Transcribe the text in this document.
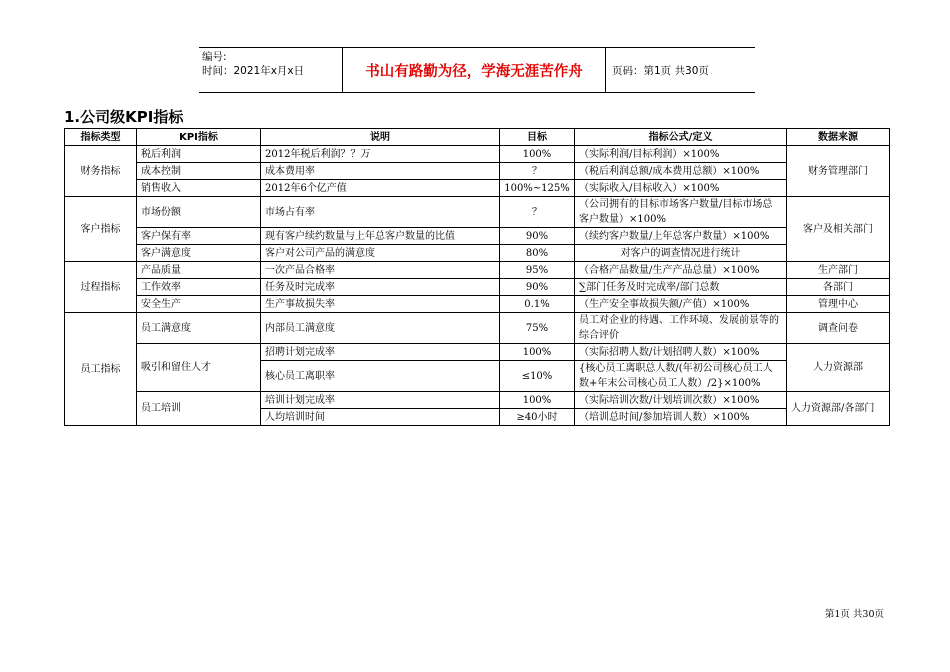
编号:
时间：2021年x月x日	书山有路勤为径，学海无涯苦作舟	页码：第1页 共30页
1.公司级KPI指标
指标类型	KPI指标	说明	目标	指标公式/定义	数据来源
财务指标	税后利润	2012年税后利润？？万	100%	（实际利润/目标利润）×100%	财务管理部门
	成本控制	成本费用率	？	（税后利润总额/成本费用总额）×100%	
	销售收入	2012年6个亿产值	100%~125%	（实际收入/目标收入）×100%	
客户指标	市场份额	市场占有率	？	（公司拥有的目标市场客户数量/目标市场总客户数量）×100%	客户及相关部门
	客户保有率	现有客户续约数量与上年总客户数量的比值	90%	（续约客户数量/上年总客户数量）×100%	
	客户满意度	客户对公司产品的满意度	80%	对客户的调查情况进行统计	
过程指标	产品质量	一次产品合格率	95%	（合格产品数量/生产产品总量）×100%	生产部门
	工作效率	任务及时完成率	90%	∑部门任务及时完成率/部门总数	各部门
	安全生产	生产事故损失率	0.1%	（生产安全事故损失额/产值）×100%	管理中心
员工指标	员工满意度	内部员工满意度	75%	员工对企业的待遇、工作环境、发展前景等的综合评价	调查问卷
	吸引和留住人才	招聘计划完成率	100%	（实际招聘人数/计划招聘人数）×100%	人力资源部
		核心员工离职率	≤10%	{核心员工离职总人数/(年初公司核心员工人数+年末公司核心员工人数）/2}×100%	
	员工培训	培训计划完成率	100%	（实际培训次数/计划培训次数）×100%	人力资源部/各部门
		人均培训时间	≥40小时	（培训总时间/参加培训人数）×100%	
第1页 共30页
